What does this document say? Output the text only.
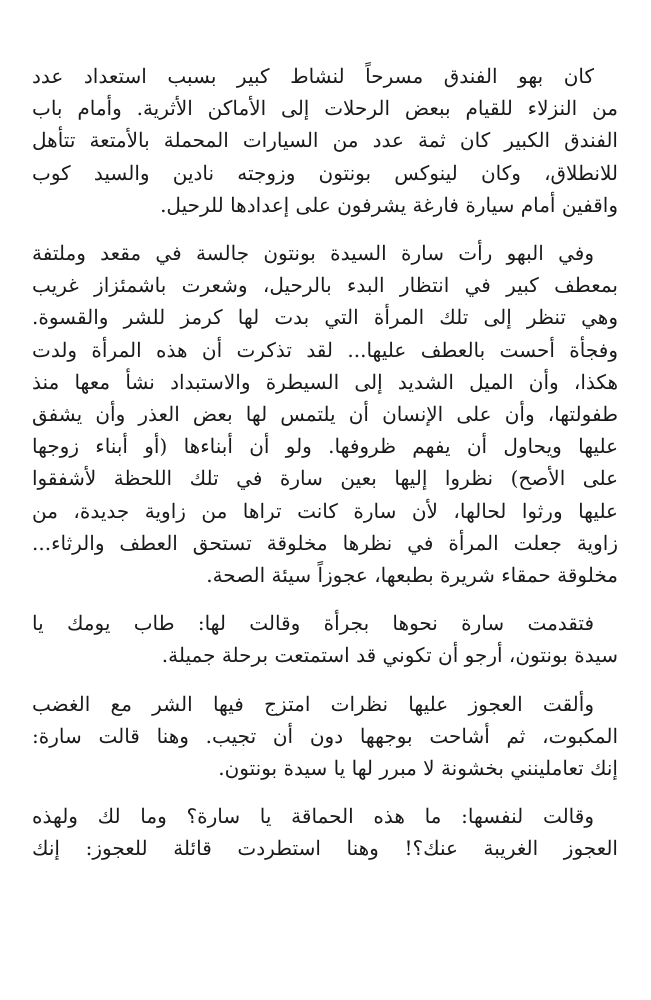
كان بهو الفندق مسرحاً لنشاط كبير بسبب استعداد عدد
من النزلاء للقيام ببعض الرحلات إلى الأماكن الأثرية. وأمام باب
الفندق الكبير كان ثمة عدد من السيارات المحملة بالأمتعة تتأهل
للانطلاق، وكان لينوكس بونتون وزوجته نادين والسيد كوب
واقفين أمام سيارة فارغة يشرفون على إعدادها للرحيل.
وفي البهو رأت سارة السيدة بونتون جالسة في مقعد وملتفة
بمعطف كبير في انتظار البدء بالرحيل، وشعرت باشمئزاز غريب
وهي تنظر إلى تلك المرأة التي بدت لها كرمز للشر والقسوة.
وفجأة أحست بالعطف عليها... لقد تذكرت أن هذه المرأة ولدت
هكذا، وأن الميل الشديد إلى السيطرة والاستبداد نشأ معها منذ
طفولتها، وأن على الإنسان أن يلتمس لها بعض العذر وأن يشفق
عليها ويحاول أن يفهم ظروفها. ولو أن أبناءها (أو أبناء زوجها
على الأصح) نظروا إليها بعين سارة في تلك اللحظة لأشفقوا
عليها ورثوا لحالها، لأن سارة كانت تراها من زاوية جديدة، من
زاوية جعلت المرأة في نظرها مخلوقة تستحق العطف والرثاء...
مخلوقة حمقاء شريرة بطبعها، عجوزاً سيئة الصحة.
فتقدمت سارة نحوها بجرأة وقالت لها: طاب يومك يا
سيدة بونتون، أرجو أن تكوني قد استمتعت برحلة جميلة.
وألقت العجوز عليها نظرات امتزج فيها الشر مع الغضب
المكبوت، ثم أشاحت بوجهها دون أن تجيب. وهنا قالت سارة:
إنك تعاملينني بخشونة لا مبرر لها يا سيدة بونتون.
وقالت لنفسها: ما هذه الحماقة يا سارة؟ وما لك ولهذه
العجوز الغريبة عنك؟! وهنا استطردت قائلة للعجوز: إنك
